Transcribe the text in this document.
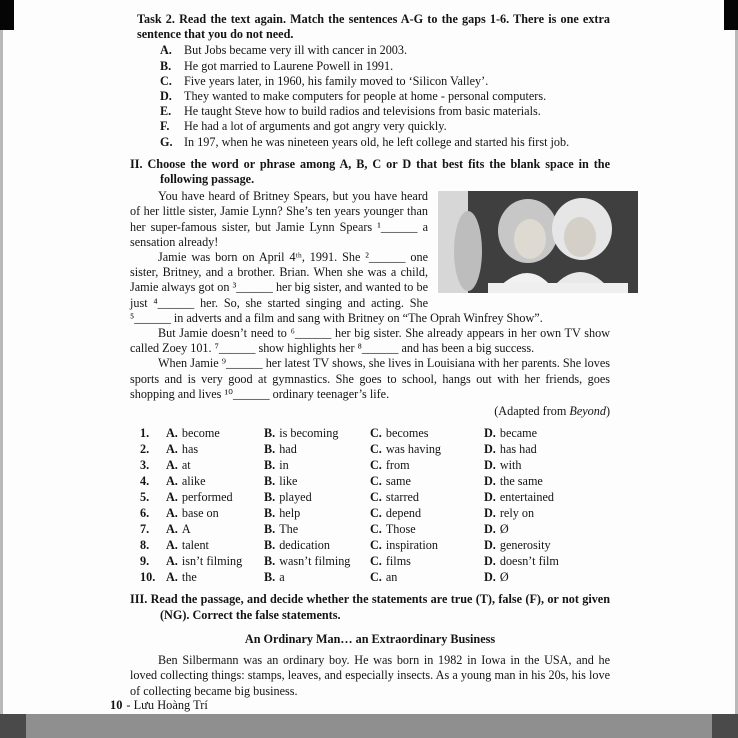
Task 2. Read the text again. Match the sentences A-G to the gaps 1-6. There is one extra sentence that you do not need.

A. But Jobs became very ill with cancer in 2003.
B.	He got married to Laurene Powell in 1991.
C. Five years later, in 1960, his family moved to ‘Silicon Valley’.
D. They wanted to make computers for people at home - personal computers.
E.	He taught Steve how to build radios and televisions from basic materials.
F.	He had a lot of arguments and got angry very quickly.
G. In 197, when he was nineteen years old, he left college and started his first job.

II. Choose the word or phrase among A, B, C or D that best fits the blank space in the following passage.

You have heard of Britney Spears, but you have heard of her little sister, Jamie Lynn? She’s ten years younger than her super-famous sister, but Jamie Lynn Spears ¹______ a sensation already!

Jamie was born on April 4ᵗʰ, 1991. She ²______ one sister, Britney, and a brother. Brian. When she was a child, Jamie always got on ³______ her big sister, and wanted to be just ⁴______ her. So, she started singing and acting. She ⁵______ in adverts and a film and sang with Britney on “The Oprah Winfrey Show”.

But Jamie doesn’t need to ⁶______ her big sister. She already appears in her own TV show called Zoey 101. ⁷______ show highlights her ⁸______ and has been a big success.

When Jamie ⁹______ her latest TV shows, she lives in Louisiana with her parents. She loves sports and is very good at gymnastics. She goes to school, hangs out with her friends, goes shopping and lives ¹⁰______ ordinary teenager’s life.

(Adapted from Beyond)

1.	A. become	B. is becoming	C. becomes	D. became
2.	A. has	B. had	C. was having	D. has had
3.	A. at	B. in	C. from	D. with
4.	A. alike	B. like	C. same	D. the same
5.	A. performed	B. played	C. starred	D. entertained
6.	A. base on	B. help	C. depend	D. rely on
7.	A. A	B. The	C. Those	D. Ø
8.	A. talent	B. dedication	C. inspiration	D. generosity
9.	A. isn’t filming	B. wasn’t filming	C. films	D. doesn’t film
10. A. the	B. a	C. an	D. Ø

III. Read the passage, and decide whether the statements are true (T), false (F), or not given (NG). Correct the false statements.

An Ordinary Man… an Extraordinary Business

Ben Silbermann was an ordinary boy. He was born in 1982 in Iowa in the USA, and he loved collecting things: stamps, leaves, and especially insects. As a young man in his 20s, his love of collecting became big business.

10 - Lưu Hoàng Trí
